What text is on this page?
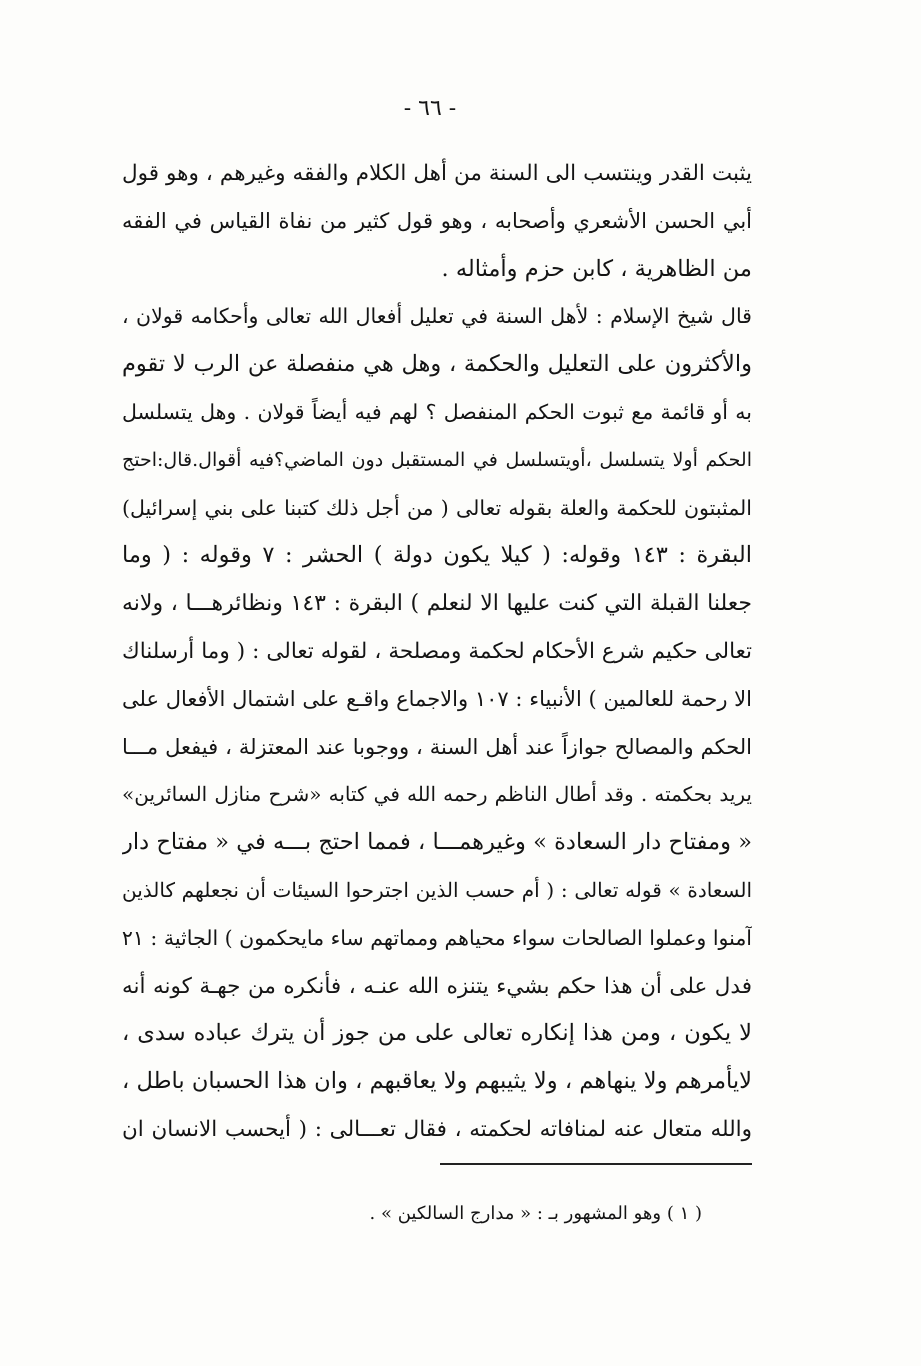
- ٦٦ -
يثبت القدر وينتسب الى السنة من أهل الكلام والفقه وغيرهم ، وهو قول
أبي الحسن الأشعري وأصحابه ، وهو قول كثير من نفاة القياس في الفقه
من الظاهرية ، كابن حزم وأمثاله .
قال شيخ الإسلام : لأهل السنة في تعليل أفعال الله تعالى وأحكامه قولان ،
والأكثرون على التعليل والحكمة ، وهل هي منفصلة عن الرب لا تقوم
به أو قائمة مع ثبوت الحكم المنفصل ؟ لهم فيه أيضاً قولان . وهل يتسلسل
الحكم أولا يتسلسل ،أويتسلسل في المستقبل دون الماضي؟فيه أقوال.قال:احتج
المثبتون للحكمة والعلة بقوله تعالى ( من أجل ذلك كتبنا على بني إسرائيل)
البقرة : ١٤٣ وقوله: ( كيلا يكون دولة ) الحشر : ٧ وقوله : ( وما
جعلنا القبلة التي كنت عليها الا لنعلم ) البقرة : ١٤٣ ونظائرهـــا ، ولانه
تعالى حكيم شرع الأحكام لحكمة ومصلحة ، لقوله تعالى : ( وما أرسلناك
الا رحمة للعالمين ) الأنبياء : ١٠٧ والاجماع واقـع على اشتمال الأفعال على
الحكم والمصالح جوازاً عند أهل السنة ، ووجوبا عند المعتزلة ، فيفعل مـــا
يريد بحكمته . وقد أطال الناظم رحمه الله في كتابه «شرح منازل السائرين»
« ومفتاح دار السعادة » وغيرهمـــا ، فمما احتج بـــه في « مفتاح دار
السعادة » قوله تعالى : ( أم حسب الذين اجترحوا السيئات أن نجعلهم كالذين
آمنوا وعملوا الصالحات سواء محياهم ومماتهم ساء مايحكمون ) الجاثية : ٢١
فدل على أن هذا حكم بشيء يتنزه الله عنـه ، فأنكره من جهـة كونه أنه
لا يكون ، ومن هذا إنكاره تعالى على من جوز أن يترك عباده سدى ،
لايأمرهم ولا ينهاهم ، ولا يثيبهم ولا يعاقبهم ، وان هذا الحسبان باطل ،
والله متعال عنه لمنافاته لحكمته ، فقال تعـــالى : ( أيحسب الانسان ان
( ١ ) وهو المشهور بـ : « مدارج السالكين » .
